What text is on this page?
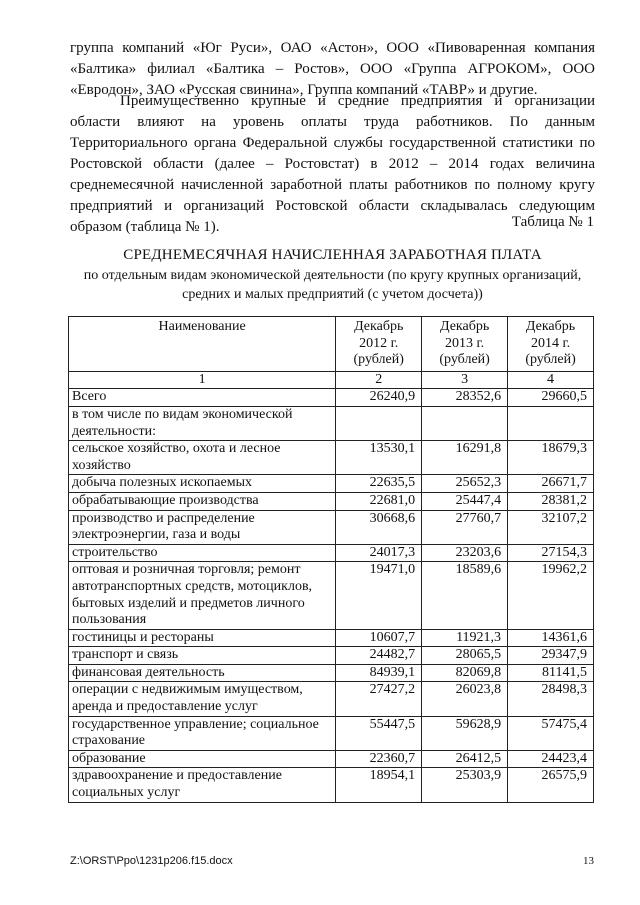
группа компаний «Юг Руси», ОАО «Астон», ООО «Пивоваренная компания «Балтика» филиал «Балтика – Ростов», ООО «Группа АГРОКОМ», ООО «Евродон», ЗАО «Русская свинина», Группа компаний «ТАВР» и другие.

Преимущественно крупные и средние предприятия и организации области влияют на уровень оплаты труда работников. По данным Территориального органа Федеральной службы государственной статистики по Ростовской области (далее – Ростовстат) в 2012 – 2014 годах величина среднемесячной начисленной заработной платы работников по полному кругу предприятий и организаций Ростовской области складывалась следующим образом (таблица № 1).	Таблица № 1
СРЕДНЕМЕСЯЧНАЯ НАЧИСЛЕННАЯ ЗАРАБОТНАЯ ПЛАТА
по отдельным видам экономической деятельности (по кругу крупных организаций, средних и малых предприятий (с учетом досчета))
Наименование	Декабрь 2012 г. (рублей)	Декабрь 2013 г. (рублей)	Декабрь 2014 г. (рублей)
1	2	3	4
Всего	26240,9	28352,6	29660,5
в том числе по видам экономической деятельности:			
сельское хозяйство, охота и лесное хозяйство	13530,1	16291,8	18679,3
добыча полезных ископаемых	22635,5	25652,3	26671,7
обрабатывающие производства	22681,0	25447,4	28381,2
производство и распределение электроэнергии, газа и воды	30668,6	27760,7	32107,2
строительство	24017,3	23203,6	27154,3
оптовая и розничная торговля; ремонт автотранспортных средств, мотоциклов, бытовых изделий и предметов личного пользования	19471,0	18589,6	19962,2
гостиницы и рестораны	10607,7	11921,3	14361,6
транспорт и связь	24482,7	28065,5	29347,9
финансовая деятельность	84939,1	82069,8	81141,5
операции с недвижимым имуществом, аренда и предоставление услуг	27427,2	26023,8	28498,3
государственное управление; социальное страхование	55447,5	59628,9	57475,4
образование	22360,7	26412,5	24423,4
здравоохранение и предоставление социальных услуг	18954,1	25303,9	26575,9
Z:\ORST\Ppo\1231p206.f15.docx	13
